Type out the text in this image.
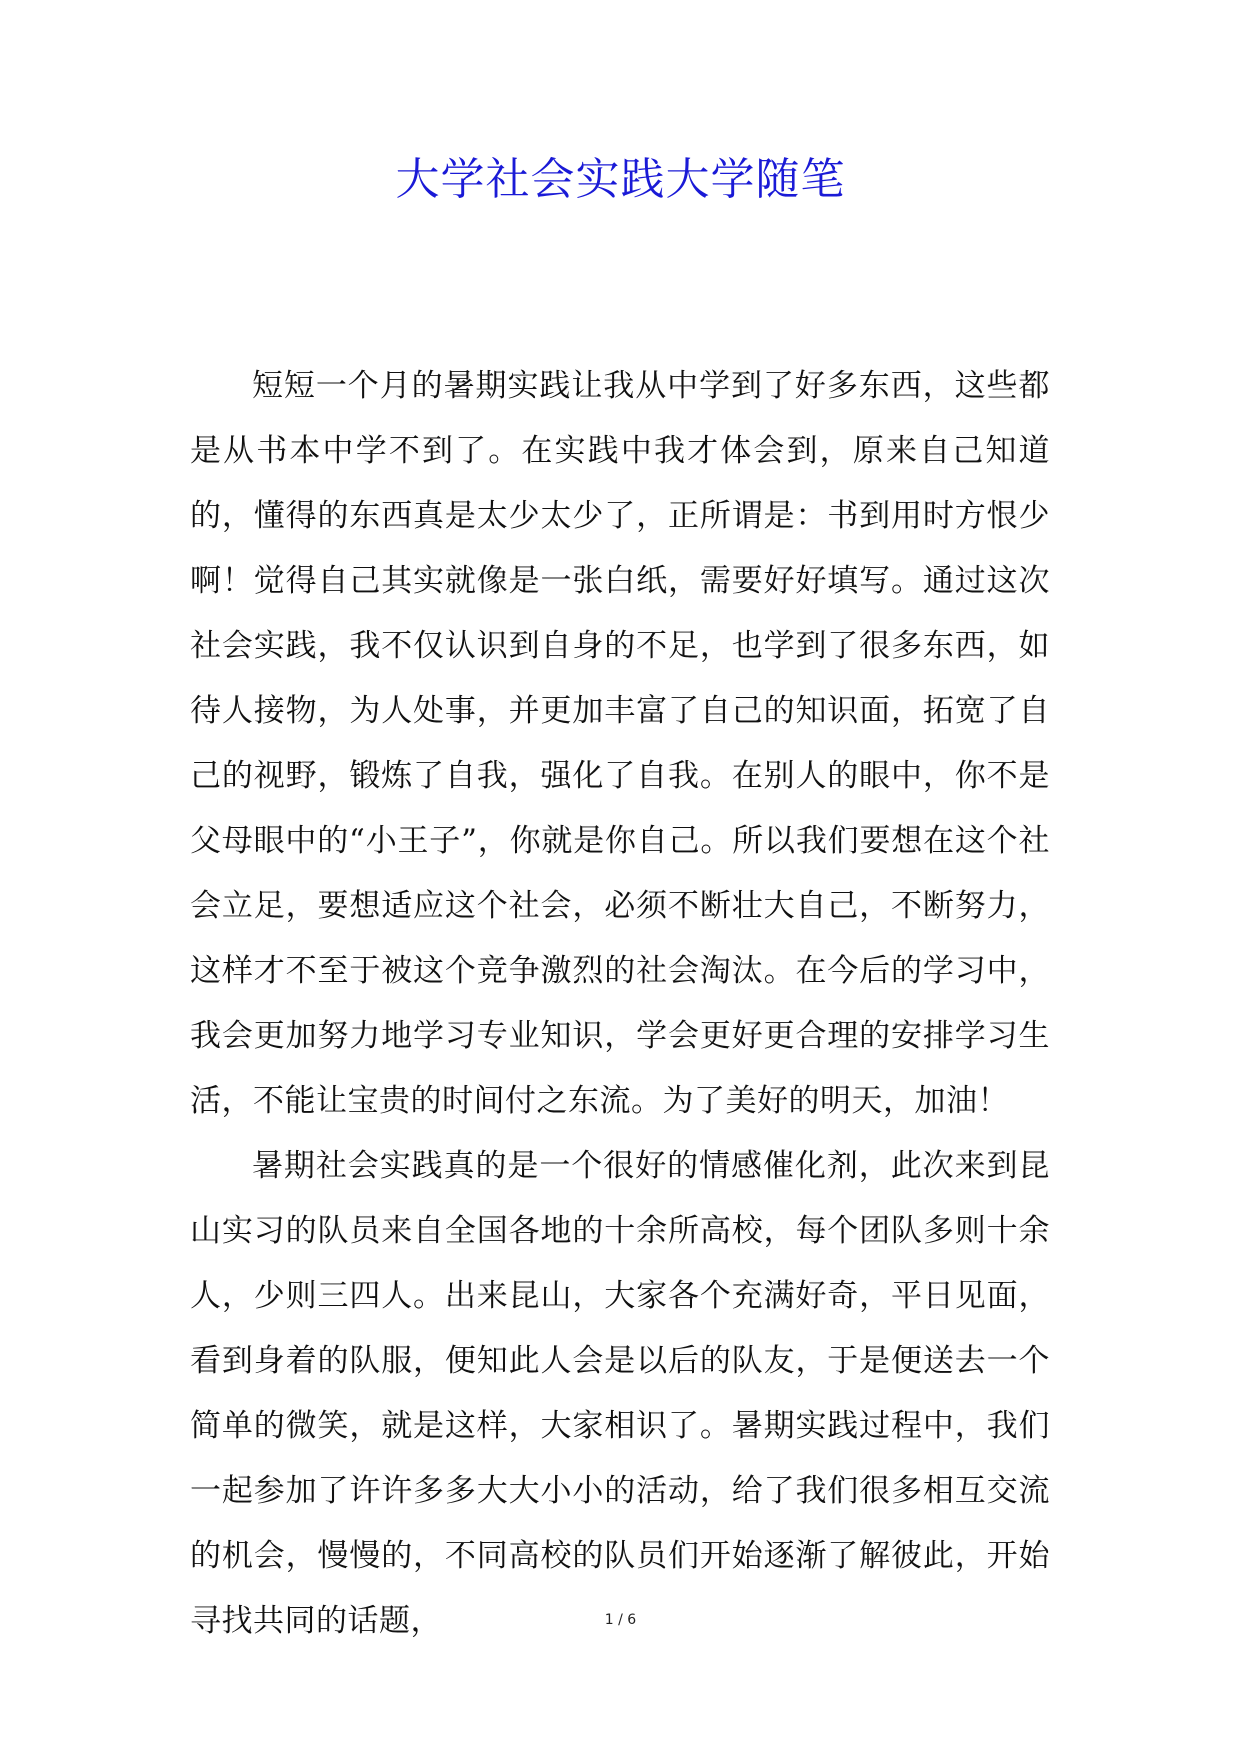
大学社会实践大学随笔

短短一个月的暑期实践让我从中学到了好多东西，这些都是从书本中学不到了。在实践中我才体会到，原来自己知道的，懂得的东西真是太少太少了，正所谓是：书到用时方恨少啊！觉得自己其实就像是一张白纸，需要好好填写。通过这次社会实践，我不仅认识到自身的不足，也学到了很多东西，如待人接物，为人处事，并更加丰富了自己的知识面，拓宽了自己的视野，锻炼了自我，强化了自我。在别人的眼中，你不是父母眼中的“小王子”，你就是你自己。所以我们要想在这个社会立足，要想适应这个社会，必须不断壮大自己，不断努力，这样才不至于被这个竞争激烈的社会淘汰。在今后的学习中，我会更加努力地学习专业知识，学会更好更合理的安排学习生活，不能让宝贵的时间付之东流。为了美好的明天，加油！

暑期社会实践真的是一个很好的情感催化剂，此次来到昆山实习的队员来自全国各地的十余所高校，每个团队多则十余人，少则三四人。出来昆山，大家各个充满好奇，平日见面，看到身着的队服，便知此人会是以后的队友，于是便送去一个简单的微笑，就是这样，大家相识了。暑期实践过程中，我们一起参加了许许多多大大小小的活动，给了我们很多相互交流的机会，慢慢的，不同高校的队员们开始逐渐了解彼此，开始寻找共同的话题，	1 / 6
